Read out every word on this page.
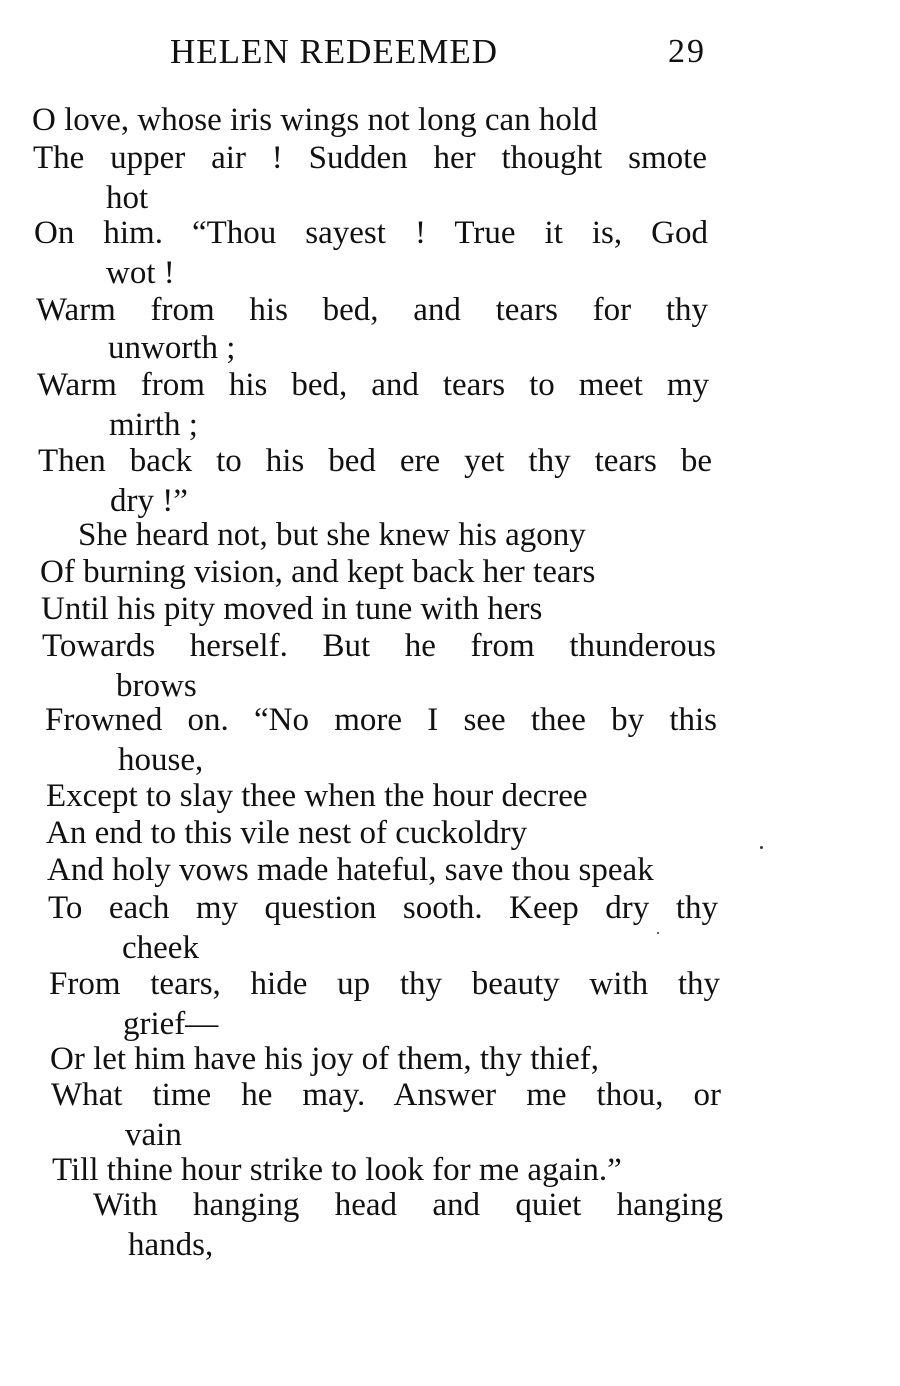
HELEN REDEEMED	29
O love, whose iris wings not long can hold
The upper air ! Sudden her thought smote
hot
On him. “Thou sayest ! True it is, God
wot !
Warm from his bed, and tears for thy
unworth ;
Warm from his bed, and tears to meet my
mirth ;
Then back to his bed ere yet thy tears be
dry !”
She heard not, but she knew his agony
Of burning vision, and kept back her tears
Until his pity moved in tune with hers
Towards herself. But he from thunderous
brows
Frowned on. “No more I see thee by this
house,
Except to slay thee when the hour decree
An end to this vile nest of cuckoldry
And holy vows made hateful, save thou speak
To each my question sooth. Keep dry thy
cheek
From tears, hide up thy beauty with thy
grief—
Or let him have his joy of them, thy thief,
What time he may. Answer me thou, or
vain
Till thine hour strike to look for me again.”
With hanging head and quiet hanging
hands,
